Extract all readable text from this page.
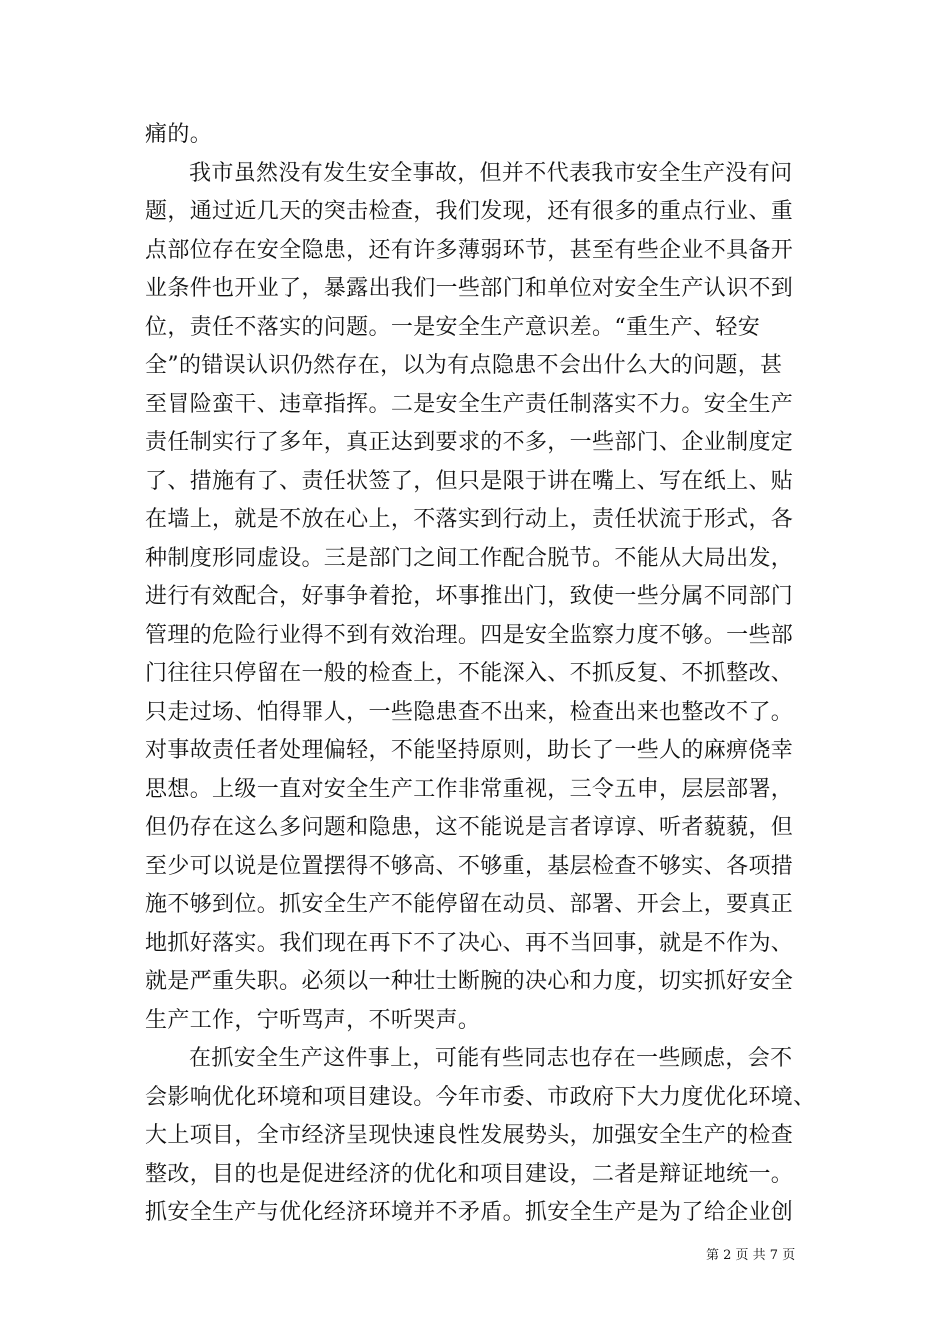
痛的。
我市虽然没有发生安全事故，但并不代表我市安全生产没有问
题，通过近几天的突击检查，我们发现，还有很多的重点行业、重
点部位存在安全隐患，还有许多薄弱环节，甚至有些企业不具备开
业条件也开业了，暴露出我们一些部门和单位对安全生产认识不到
位，责任不落实的问题。一是安全生产意识差。“重生产、轻安
全”的错误认识仍然存在，以为有点隐患不会出什么大的问题，甚
至冒险蛮干、违章指挥。二是安全生产责任制落实不力。安全生产
责任制实行了多年，真正达到要求的不多，一些部门、企业制度定
了、措施有了、责任状签了，但只是限于讲在嘴上、写在纸上、贴
在墙上，就是不放在心上，不落实到行动上，责任状流于形式，各
种制度形同虚设。三是部门之间工作配合脱节。不能从大局出发，
进行有效配合，好事争着抢，坏事推出门，致使一些分属不同部门
管理的危险行业得不到有效治理。四是安全监察力度不够。一些部
门往往只停留在一般的检查上，不能深入、不抓反复、不抓整改、
只走过场、怕得罪人，一些隐患查不出来，检查出来也整改不了。
对事故责任者处理偏轻，不能坚持原则，助长了一些人的麻痹侥幸
思想。上级一直对安全生产工作非常重视，三令五申，层层部署，
但仍存在这么多问题和隐患，这不能说是言者谆谆、听者藐藐，但
至少可以说是位置摆得不够高、不够重，基层检查不够实、各项措
施不够到位。抓安全生产不能停留在动员、部署、开会上，要真正
地抓好落实。我们现在再下不了决心、再不当回事，就是不作为、
就是严重失职。必须以一种壮士断腕的决心和力度，切实抓好安全
生产工作，宁听骂声，不听哭声。
在抓安全生产这件事上，可能有些同志也存在一些顾虑，会不
会影响优化环境和项目建设。今年市委、市政府下大力度优化环境、
大上项目，全市经济呈现快速良性发展势头，加强安全生产的检查
整改，目的也是促进经济的优化和项目建设，二者是辩证地统一。
抓安全生产与优化经济环境并不矛盾。抓安全生产是为了给企业创
第 2 页 共 7 页
